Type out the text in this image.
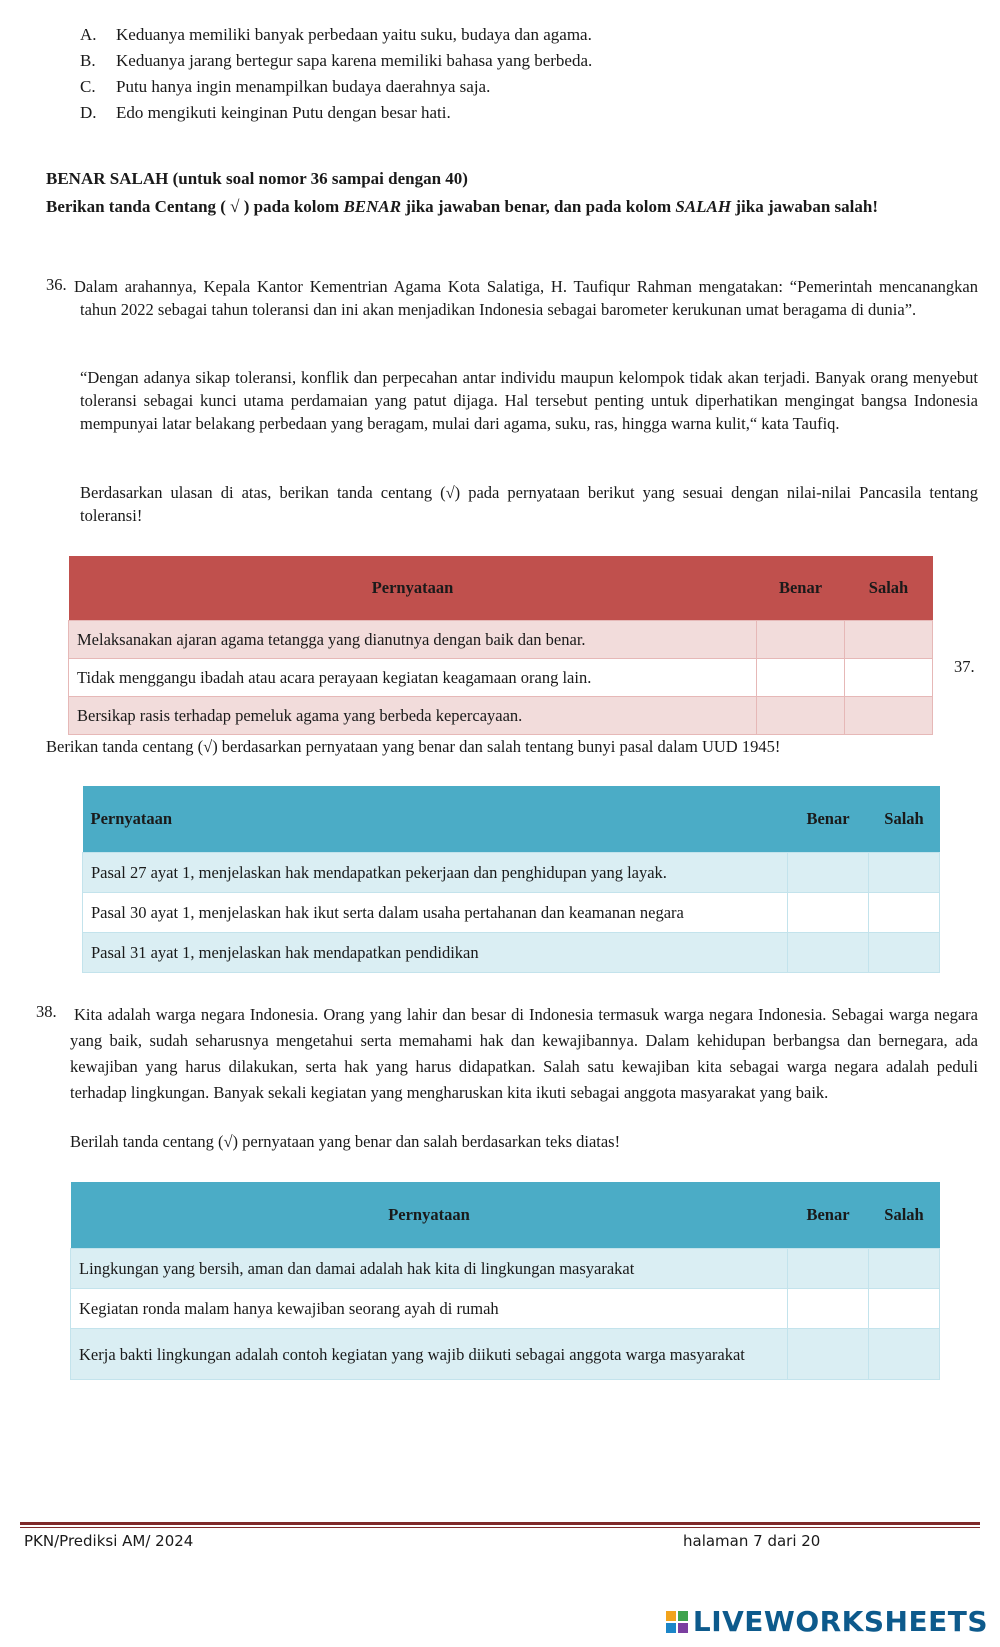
A. Keduanya memiliki banyak perbedaan yaitu suku, budaya dan agama.
B. Keduanya jarang bertegur sapa karena memiliki bahasa yang berbeda.
C. Putu hanya ingin menampilkan budaya daerahnya saja.
D. Edo mengikuti keinginan Putu dengan besar hati.
BENAR SALAH (untuk soal nomor 36 sampai dengan 40)
Berikan tanda Centang ( √ ) pada kolom BENAR jika jawaban benar, dan pada kolom SALAH jika jawaban salah!
36. Dalam arahannya, Kepala Kantor Kementrian Agama Kota Salatiga, H. Taufiqur Rahman mengatakan: “Pemerintah mencanangkan tahun 2022 sebagai tahun toleransi dan ini akan menjadikan Indonesia sebagai barometer kerukunan umat beragama di dunia”.
“Dengan adanya sikap toleransi, konflik dan perpecahan antar individu maupun kelompok tidak akan terjadi. Banyak orang menyebut toleransi sebagai kunci utama perdamaian yang patut dijaga. Hal tersebut penting untuk diperhatikan mengingat bangsa Indonesia mempunyai latar belakang perbedaan yang beragam, mulai dari agama, suku, ras, hingga warna kulit,“ kata Taufiq.
Berdasarkan ulasan di atas, berikan tanda centang (√) pada pernyataan berikut yang sesuai dengan nilai-nilai Pancasila tentang toleransi!
Pernyataan	Benar	Salah
Melaksanakan ajaran agama tetangga yang dianutnya dengan baik dan benar.		
Tidak menggangu ibadah atau acara perayaan kegiatan keagamaan orang lain.		
Bersikap rasis terhadap pemeluk agama yang berbeda kepercayaan.		
37.
Berikan tanda centang (√) berdasarkan pernyataan yang benar dan salah tentang bunyi pasal dalam UUD 1945!
Pernyataan	Benar	Salah
Pasal 27 ayat 1, menjelaskan hak mendapatkan pekerjaan dan penghidupan yang layak.		
Pasal 30 ayat 1, menjelaskan hak ikut serta dalam usaha pertahanan dan keamanan negara		
Pasal 31 ayat 1, menjelaskan hak mendapatkan pendidikan		
38. Kita adalah warga negara Indonesia. Orang yang lahir dan besar di Indonesia termasuk warga negara Indonesia. Sebagai warga negara yang baik, sudah seharusnya mengetahui serta memahami hak dan kewajibannya. Dalam kehidupan berbangsa dan bernegara, ada kewajiban yang harus dilakukan, serta hak yang harus didapatkan. Salah satu kewajiban kita sebagai warga negara adalah peduli terhadap lingkungan. Banyak sekali kegiatan yang mengharuskan kita ikuti sebagai anggota masyarakat yang baik.
Berilah tanda centang (√) pernyataan yang benar dan salah berdasarkan teks diatas!
Pernyataan	Benar	Salah
Lingkungan yang bersih, aman dan damai adalah hak kita di lingkungan masyarakat		
Kegiatan ronda malam hanya kewajiban seorang ayah di rumah		
Kerja bakti lingkungan adalah contoh kegiatan yang wajib diikuti sebagai anggota warga masyarakat		
PKN/Prediksi AM/ 2024	halaman 7 dari 20
LIVEWORKSHEETS
